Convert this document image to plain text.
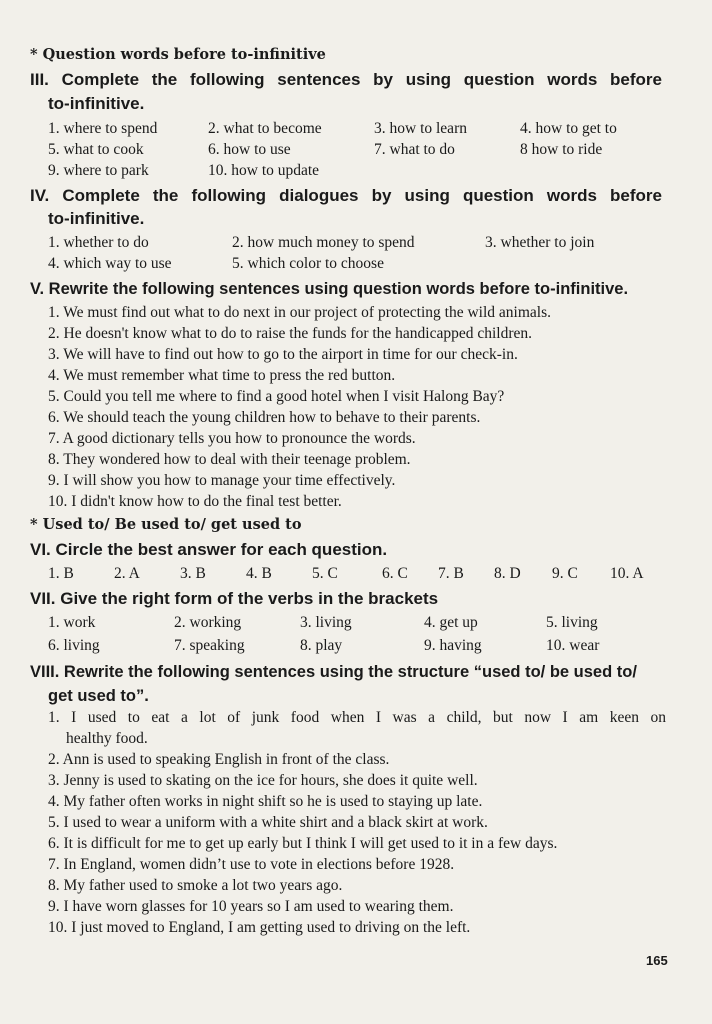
* Question words before to-infinitive
III. Complete the following sentences by using question words before
to-infinitive.
1. where to spend	2. what to become	3. how to learn	4. how to get to
5. what to cook	6. how to use	7. what to do	8 how to ride
9. where to park	10. how to update
IV. Complete the following dialogues by using question words before
to-infinitive.
1. whether to do	2. how much money to spend	3. whether to join
4. which way to use	5. which color to choose
V. Rewrite the following sentences using question words before to-infinitive.
1. We must find out what to do next in our project of protecting the wild animals.
2. He doesn't know what to do to raise the funds for the handicapped children.
3. We will have to find out how to go to the airport in time for our check-in.
4. We must remember what time to press the red button.
5. Could you tell me where to find a good hotel when I visit Halong Bay?
6. We should teach the young children how to behave to their parents.
7. A good dictionary tells you how to pronounce the words.
8. They wondered how to deal with their teenage problem.
9. I will show you how to manage your time effectively.
10. I didn't know how to do the final test better.
* Used to/ Be used to/ get used to
VI. Circle the best answer for each question.
1. B	2. A	3. B	4. B	5. C	6. C 7. B 8. D 9. C 10. A
VII. Give the right form of the verbs in the brackets
1. work	2. working	3. living	4. get up	5. living
6. living	7. speaking	8. play	9. having	10. wear
VIII. Rewrite the following sentences using the structure “used to/ be used to/
get used to”.
1. I used to eat a lot of junk food when I was a child, but now I am keen on
healthy food.
2. Ann is used to speaking English in front of the class.
3. Jenny is used to skating on the ice for hours, she does it quite well.
4. My father often works in night shift so he is used to staying up late.
5. I used to wear a uniform with a white shirt and a black skirt at work.
6. It is difficult for me to get up early but I think I will get used to it in a few days.
7. In England, women didn’t use to vote in elections before 1928.
8. My father used to smoke a lot two years ago.
9. I have worn glasses for 10 years so I am used to wearing them.
10. I just moved to England, I am getting used to driving on the left.
165
